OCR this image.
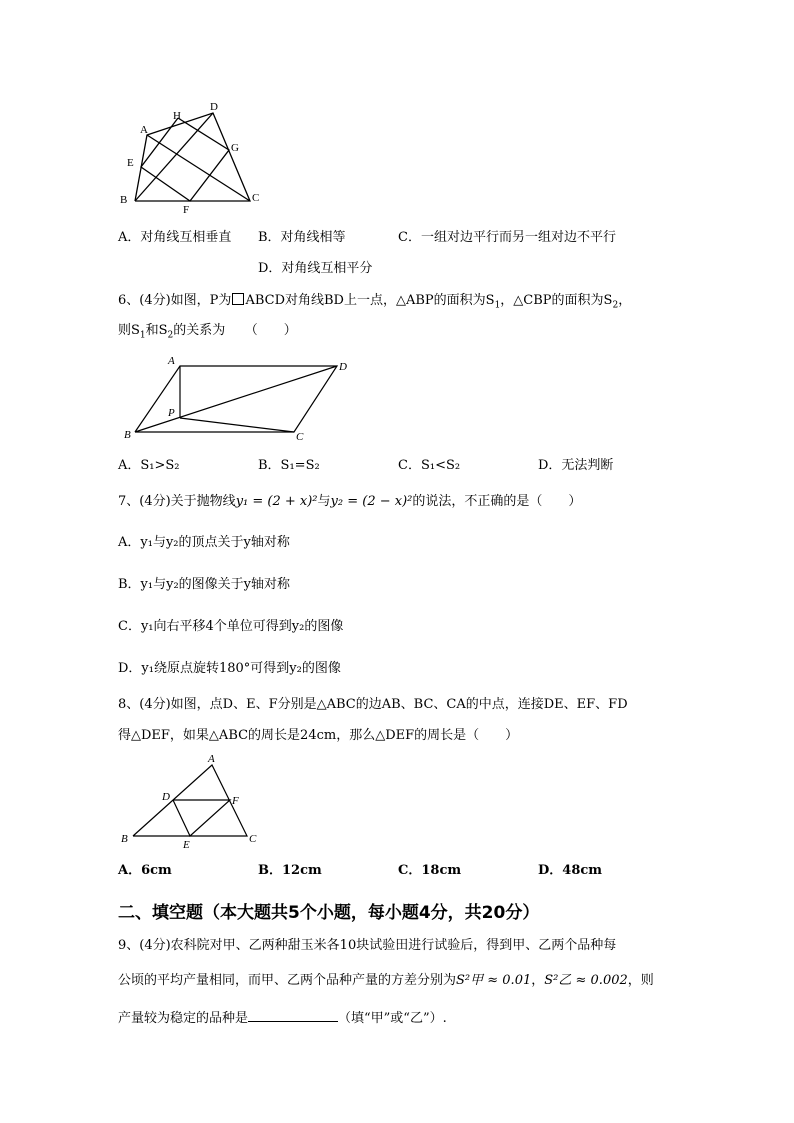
A
H
D
G
E
B
F
C
A．对角线互相垂直 B．对角线相等	C．一组对边平行而另一组对边不平行
D．对角线互相平分
6、(4分)如图，P为 ABCD对角线BD上一点，△ABP的面积为$S_1$，△CBP的面积为$S_2$，
则$S_1$和$S_2$的关系为　　（　　）
A	D
P
B	C
A．S₁>S₂	B．S₁=S₂	C．S₁<S₂	D．无法判断
7、(4分)关于抛物线y₁ = (2 + x)²与y₂ = (2 − x)²的说法，不正确的是（　　）
A．y₁与y₂的顶点关于y轴对称
B．y₁与y₂的图像关于y轴对称
C．y₁向右平移4个单位可得到y₂的图像
D．y₁绕原点旋转180°可得到y₂的图像
8、(4分)如图，点D、E、F分别是△ABC的边AB、BC、CA的中点，连接DE、EF、FD
得△DEF，如果△ABC的周长是24cm，那么△DEF的周长是（　　）
A
D	F
B	E	C
A．6cm	B．12cm	C．18cm	D．48cm
二、填空题（本大题共5个小题，每小题4分，共20分）
9、(4分)农科院对甲、乙两种甜玉米各10块试验田进行试验后，得到甲、乙两个品种每
公顷的平均产量相同，而甲、乙两个品种产量的方差分别为S²甲 ≈ 0.01，S²乙 ≈ 0.002，则
产量较为稳定的品种是	（填“甲”或“乙”）.
